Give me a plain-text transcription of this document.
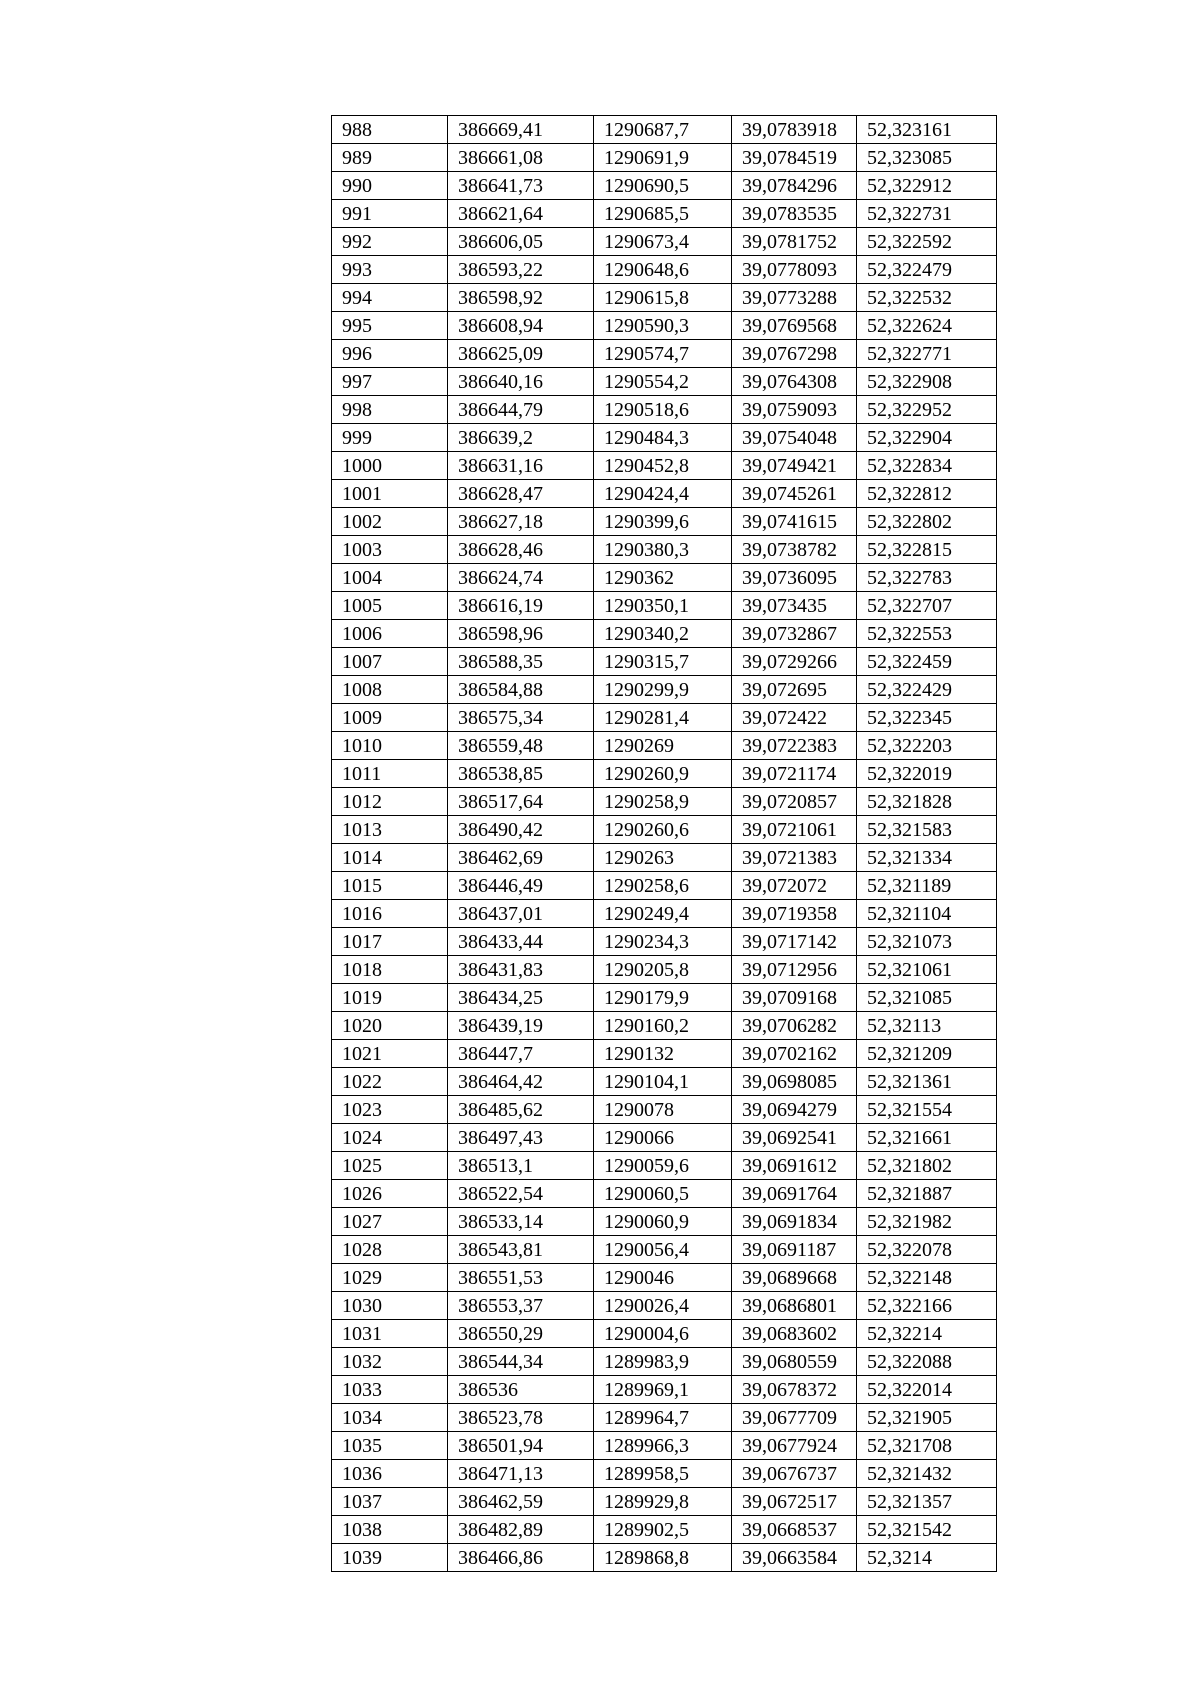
988	386669,41	1290687,7	39,0783918	52,323161
989	386661,08	1290691,9	39,0784519	52,323085
990	386641,73	1290690,5	39,0784296	52,322912
991	386621,64	1290685,5	39,0783535	52,322731
992	386606,05	1290673,4	39,0781752	52,322592
993	386593,22	1290648,6	39,0778093	52,322479
994	386598,92	1290615,8	39,0773288	52,322532
995	386608,94	1290590,3	39,0769568	52,322624
996	386625,09	1290574,7	39,0767298	52,322771
997	386640,16	1290554,2	39,0764308	52,322908
998	386644,79	1290518,6	39,0759093	52,322952
999	386639,2	1290484,3	39,0754048	52,322904
1000	386631,16	1290452,8	39,0749421	52,322834
1001	386628,47	1290424,4	39,0745261	52,322812
1002	386627,18	1290399,6	39,0741615	52,322802
1003	386628,46	1290380,3	39,0738782	52,322815
1004	386624,74	1290362	39,0736095	52,322783
1005	386616,19	1290350,1	39,073435	52,322707
1006	386598,96	1290340,2	39,0732867	52,322553
1007	386588,35	1290315,7	39,0729266	52,322459
1008	386584,88	1290299,9	39,072695	52,322429
1009	386575,34	1290281,4	39,072422	52,322345
1010	386559,48	1290269	39,0722383	52,322203
1011	386538,85	1290260,9	39,0721174	52,322019
1012	386517,64	1290258,9	39,0720857	52,321828
1013	386490,42	1290260,6	39,0721061	52,321583
1014	386462,69	1290263	39,0721383	52,321334
1015	386446,49	1290258,6	39,072072	52,321189
1016	386437,01	1290249,4	39,0719358	52,321104
1017	386433,44	1290234,3	39,0717142	52,321073
1018	386431,83	1290205,8	39,0712956	52,321061
1019	386434,25	1290179,9	39,0709168	52,321085
1020	386439,19	1290160,2	39,0706282	52,32113
1021	386447,7	1290132	39,0702162	52,321209
1022	386464,42	1290104,1	39,0698085	52,321361
1023	386485,62	1290078	39,0694279	52,321554
1024	386497,43	1290066	39,0692541	52,321661
1025	386513,1	1290059,6	39,0691612	52,321802
1026	386522,54	1290060,5	39,0691764	52,321887
1027	386533,14	1290060,9	39,0691834	52,321982
1028	386543,81	1290056,4	39,0691187	52,322078
1029	386551,53	1290046	39,0689668	52,322148
1030	386553,37	1290026,4	39,0686801	52,322166
1031	386550,29	1290004,6	39,0683602	52,32214
1032	386544,34	1289983,9	39,0680559	52,322088
1033	386536	1289969,1	39,0678372	52,322014
1034	386523,78	1289964,7	39,0677709	52,321905
1035	386501,94	1289966,3	39,0677924	52,321708
1036	386471,13	1289958,5	39,0676737	52,321432
1037	386462,59	1289929,8	39,0672517	52,321357
1038	386482,89	1289902,5	39,0668537	52,321542
1039	386466,86	1289868,8	39,0663584	52,3214
